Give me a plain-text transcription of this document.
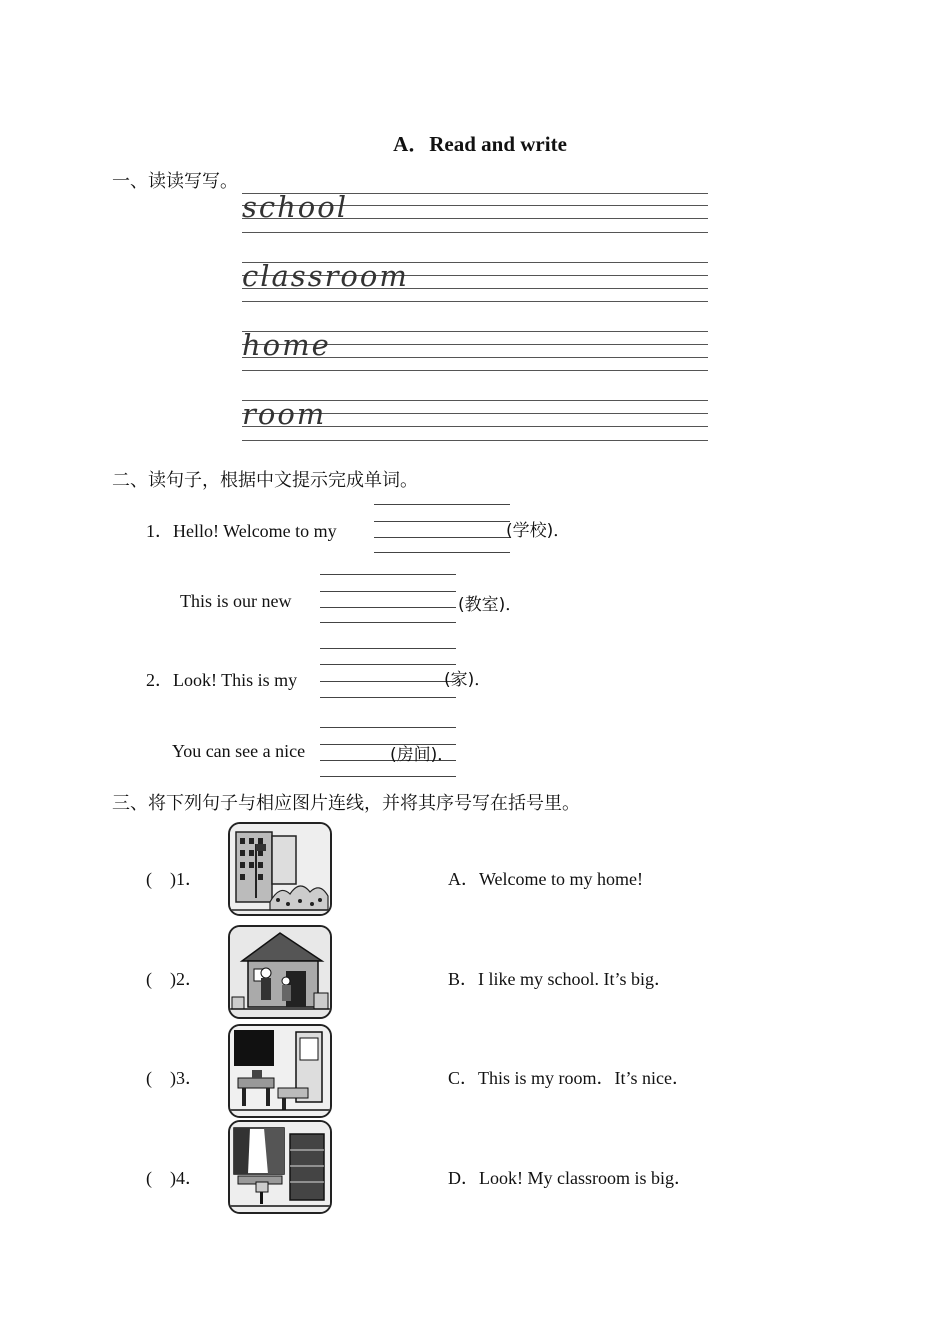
A．Read and write
一、读读写写。
school
classroom
home
room
二、读句子，根据中文提示完成单词。
1．Hello! Welcome to my	(学校)．
This is our new	(教室)．
2．Look! This is my	(家)．
You can see a nice	(房间)．
三、将下列句子与相应图片连线，并将其序号写在括号里。
(　)1．	A．Welcome to my home!
(　)2．	B．I like my school. It’s big．
(　)3．	C．This is my room．It’s nice．
(　)4．	D．Look! My classroom is big．
